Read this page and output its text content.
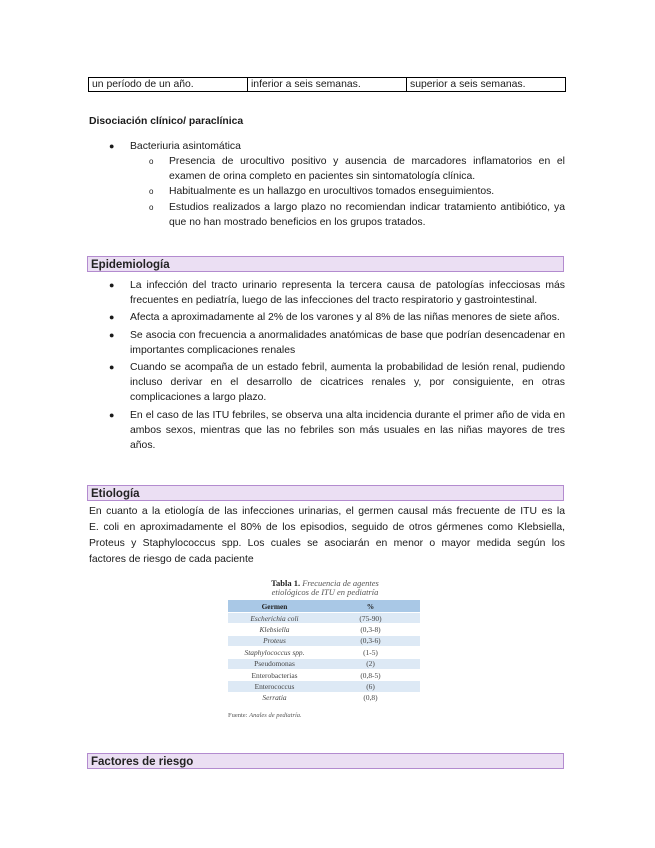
un período de un año.	inferior a seis semanas.	superior a seis semanas.
Disociación clínico/ paraclínica
● Bacteriuria asintomática
o Presencia de urocultivo positivo y ausencia de marcadores inflamatorios en el examen de orina completo en pacientes sin sintomatología clínica.
o Habitualmente es un hallazgo en urocultivos tomados enseguimientos.
o Estudios realizados a largo plazo no recomiendan indicar tratamiento antibiótico, ya que no han mostrado beneficios en los grupos tratados.
Epidemiología
● La infección del tracto urinario representa la tercera causa de patologías infecciosas más frecuentes en pediatría, luego de las infecciones del tracto respiratorio y gastrointestinal.
● Afecta a aproximadamente al 2% de los varones y al 8% de las niñas menores de siete años.
● Se asocia con frecuencia a anormalidades anatómicas de base que podrían desencadenar en importantes complicaciones renales
● Cuando se acompaña de un estado febril, aumenta la probabilidad de lesión renal, pudiendo incluso derivar en el desarrollo de cicatrices renales y, por consiguiente, en otras complicaciones a largo plazo.
● En el caso de las ITU febriles, se observa una alta incidencia durante el primer año de vida en ambos sexos, mientras que las no febriles son más usuales en las niñas mayores de tres años.
Etiología
En cuanto a la etiología de las infecciones urinarias, el germen causal más frecuente de ITU es la
E. coli en aproximadamente el 80% de los episodios, seguido de otros gérmenes como Klebsiella,
Proteus y Staphylococcus spp. Los cuales se asociarán en menor o mayor medida según los
factores de riesgo de cada paciente
Tabla 1. Frecuencia de agentes
etiológicos de ITU en pediatría
Germen	%
Escherichia coli	(75-90)
Klebsiella	(0,3-8)
Proteus	(0,3-6)
Staphylococcus spp.	(1-5)
Pseudomonas	(2)
Enterobacterias	(0,8-5)
Enterococcus	(6)
Serratia	(0,8)
Fuente: Anales de pediatría.
Factores de riesgo
